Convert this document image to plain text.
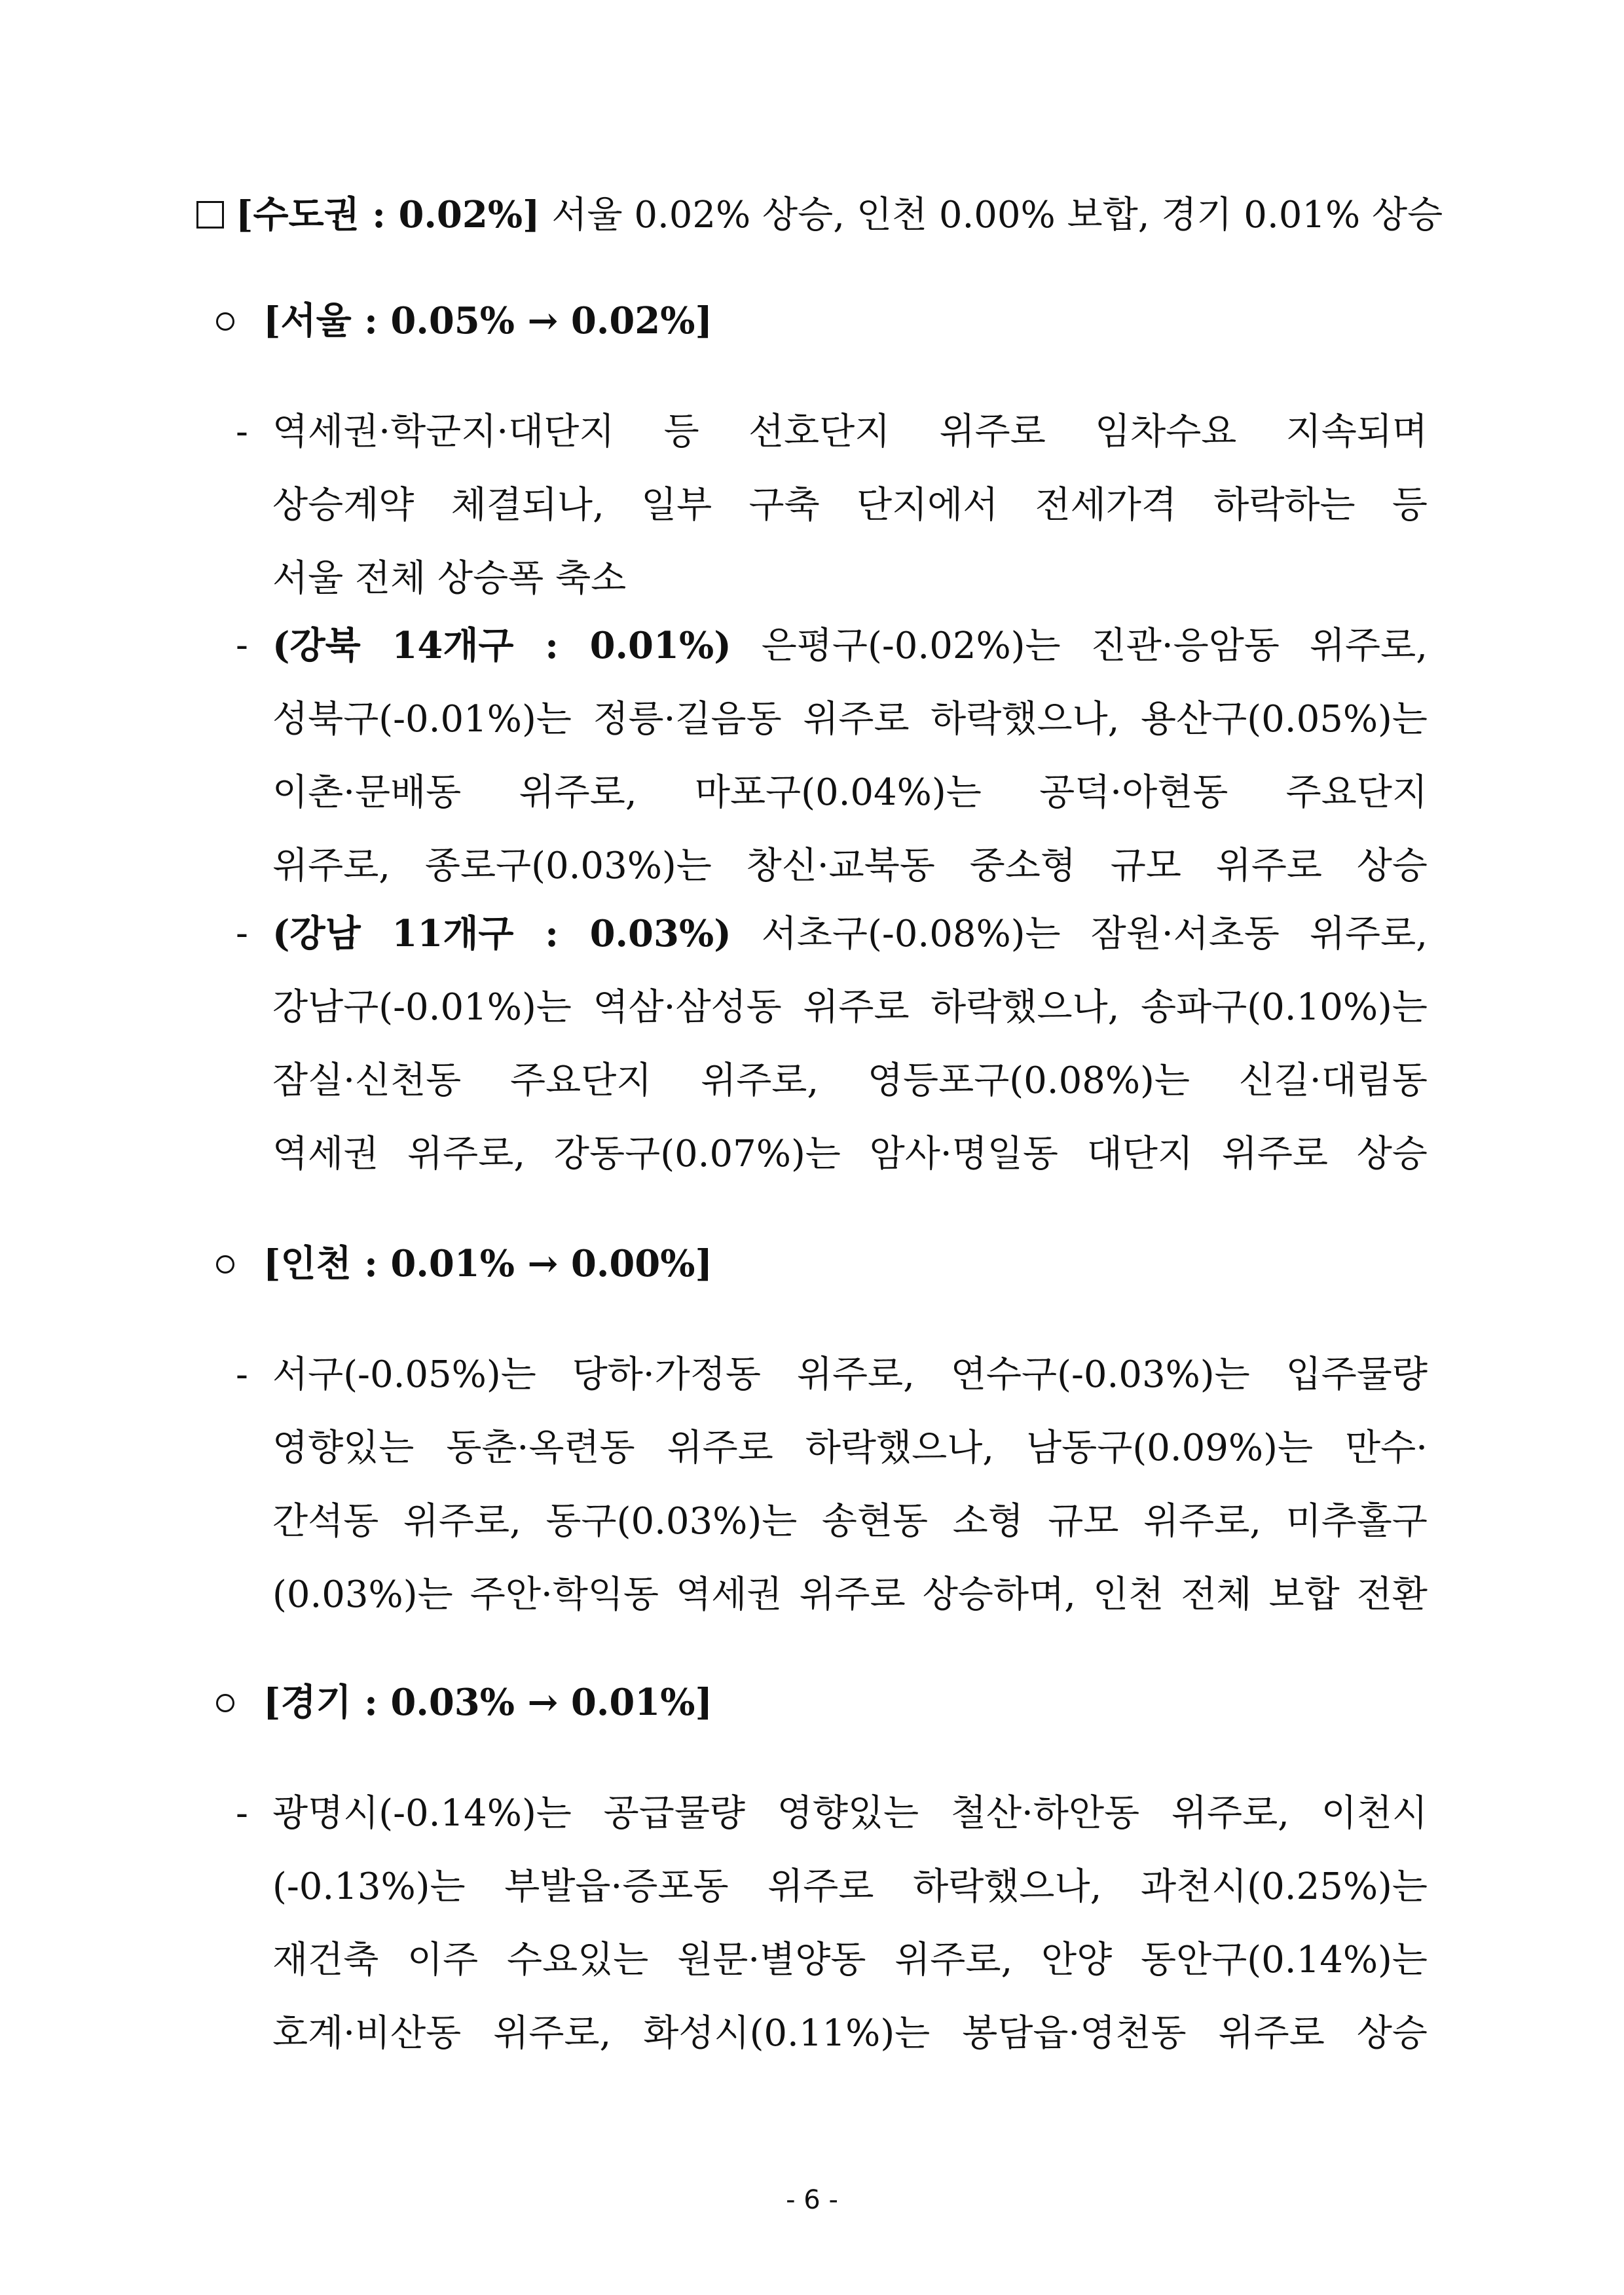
[수도권 : 0.02%] 서울 0.02% 상승, 인천 0.00% 보합, 경기 0.01% 상승
[서울 : 0.05% → 0.02%]
- 역세권·학군지·대단지 등 선호단지 위주로 임차수요 지속되며
상승계약 체결되나, 일부 구축 단지에서 전세가격 하락하는 등
서울 전체 상승폭 축소
- (강북 14개구 : 0.01%) 은평구(-0.02%)는 진관·응암동 위주로,
성북구(-0.01%)는 정릉·길음동 위주로 하락했으나, 용산구(0.05%)는
이촌·문배동 위주로, 마포구(0.04%)는 공덕·아현동 주요단지
위주로, 종로구(0.03%)는 창신·교북동 중소형 규모 위주로 상승
- (강남 11개구 : 0.03%) 서초구(-0.08%)는 잠원·서초동 위주로,
강남구(-0.01%)는 역삼·삼성동 위주로 하락했으나, 송파구(0.10%)는
잠실·신천동 주요단지 위주로, 영등포구(0.08%)는 신길·대림동
역세권 위주로, 강동구(0.07%)는 암사·명일동 대단지 위주로 상승
[인천 : 0.01% → 0.00%]
- 서구(-0.05%)는 당하·가정동 위주로, 연수구(-0.03%)는 입주물량
영향있는 동춘·옥련동 위주로 하락했으나, 남동구(0.09%)는 만수·
간석동 위주로, 동구(0.03%)는 송현동 소형 규모 위주로, 미추홀구
(0.03%)는 주안·학익동 역세권 위주로 상승하며, 인천 전체 보합 전환
[경기 : 0.03% → 0.01%]
- 광명시(-0.14%)는 공급물량 영향있는 철산·하안동 위주로, 이천시
(-0.13%)는 부발읍·증포동 위주로 하락했으나, 과천시(0.25%)는
재건축 이주 수요있는 원문·별양동 위주로, 안양 동안구(0.14%)는
호계·비산동 위주로, 화성시(0.11%)는 봉담읍·영천동 위주로 상승
- 6 -
